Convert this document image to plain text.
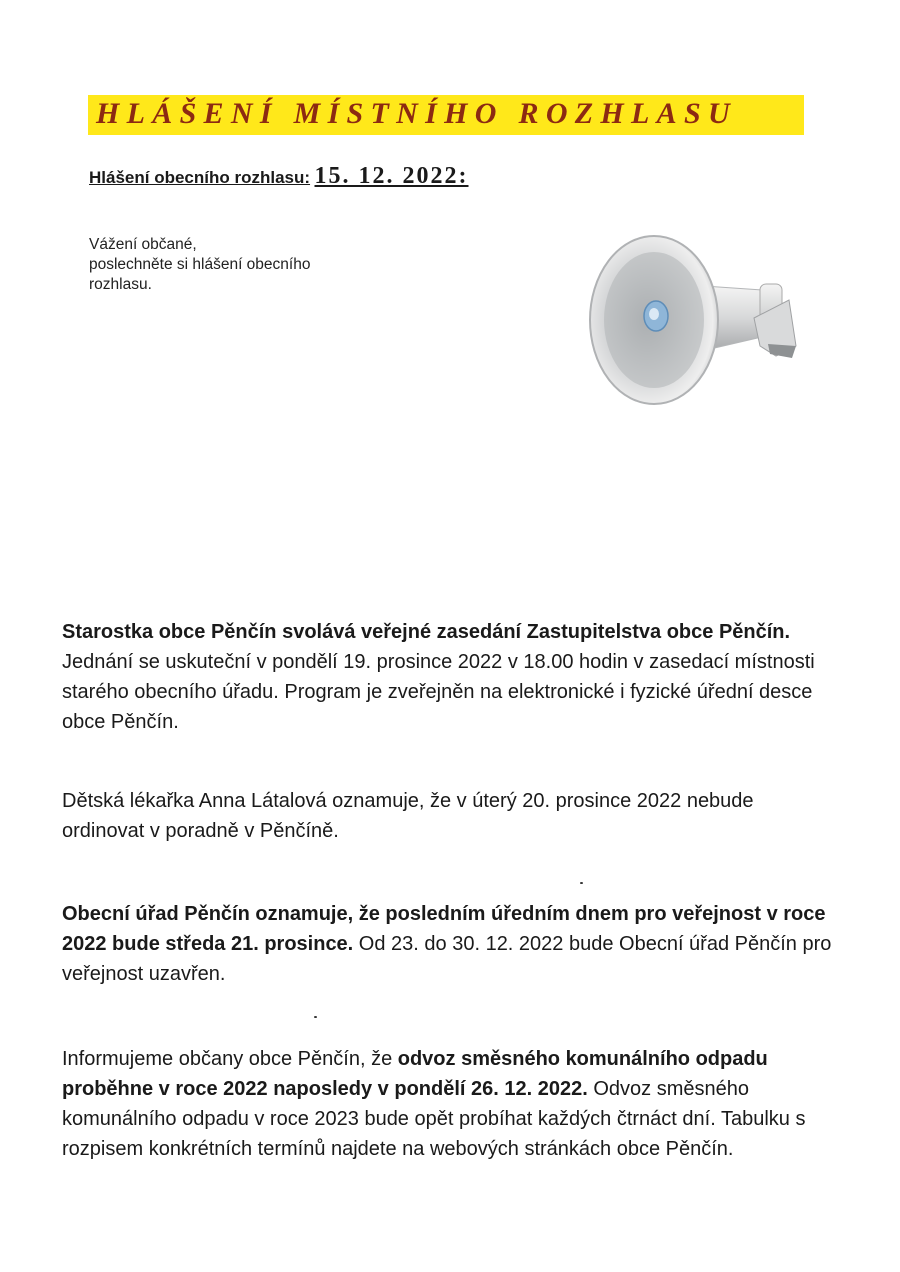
HLÁŠENÍ MÍSTNÍHO ROZHLASU
Hlášení obecního rozhlasu: 15. 12. 2022:
Vážení občané,
poslechněte si hlášení obecního
rozhlasu.
Starostka obce Pěnčín svolává veřejné zasedání Zastupitelstva obce Pěnčín. Jednání se uskuteční v pondělí 19. prosince 2022 v 18.00 hodin v zasedací místnosti starého obecního úřadu. Program je zveřejněn na elektronické i fyzické úřední desce obce Pěnčín.
Dětská lékařka Anna Látalová oznamuje, že v úterý 20. prosince 2022 nebude ordinovat v poradně v Pěnčíně.
Obecní úřad Pěnčín oznamuje, že posledním úředním dnem pro veřejnost v roce 2022 bude středa 21. prosince. Od 23. do 30. 12. 2022 bude Obecní úřad Pěnčín pro veřejnost uzavřen.
Informujeme občany obce Pěnčín, že odvoz směsného komunálního odpadu proběhne v roce 2022 naposledy v pondělí 26. 12. 2022. Odvoz směsného komunálního odpadu v roce 2023 bude opět probíhat každých čtrnáct dní. Tabulku s rozpisem konkrétních termínů najdete na webových stránkách obce Pěnčín.
